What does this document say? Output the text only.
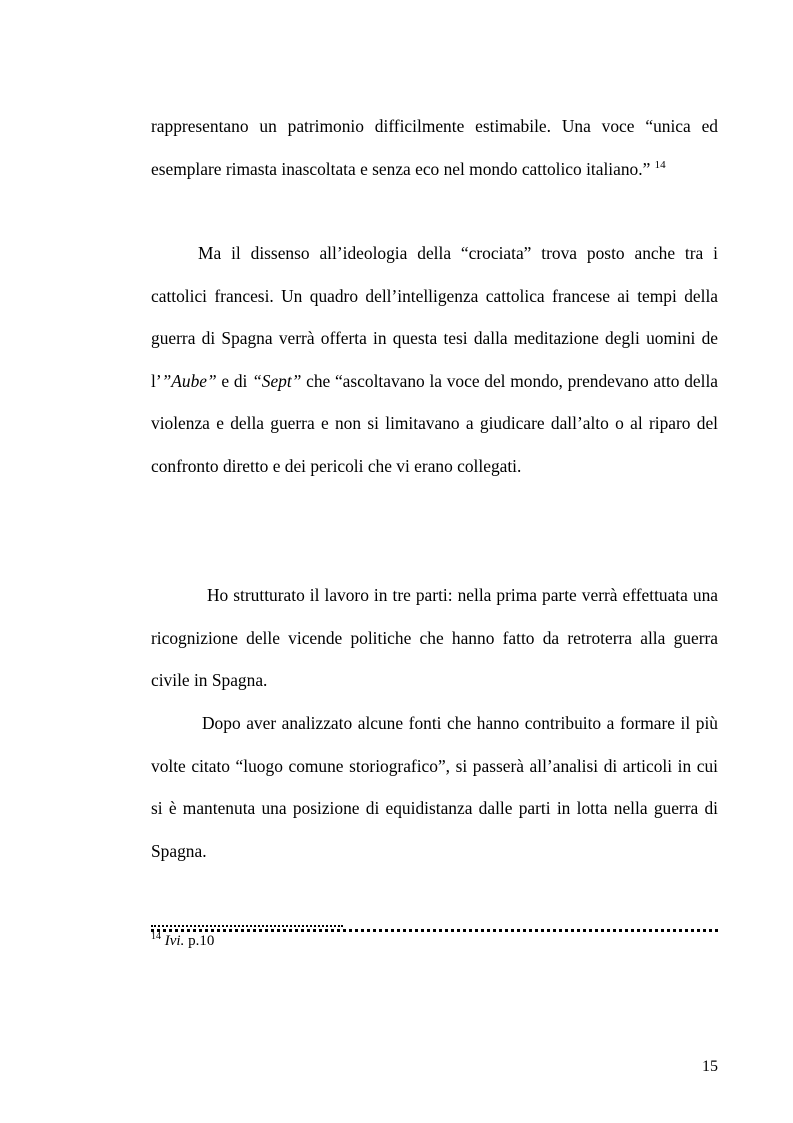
rappresentano un patrimonio difficilmente estimabile. Una voce “unica ed esemplare rimasta inascoltata e senza eco nel mondo cattolico italiano.” $^{14}$

Ma il dissenso all’ideologia della “crociata” trova posto anche tra i cattolici francesi. Un quadro dell’intelligenza cattolica francese ai tempi della guerra di Spagna verrà offerta in questa tesi dalla meditazione degli uomini de l’”Aube” e di “Sept” che “ascoltavano la voce del mondo, prendevano atto della violenza e della guerra e non si limitavano a giudicare dall’alto o al riparo del confronto diretto e dei pericoli che vi erano collegati.

Ho strutturato il lavoro in tre parti: nella prima parte verrà effettuata una ricognizione delle vicende politiche che hanno fatto da retroterra alla guerra civile in Spagna.

Dopo aver analizzato alcune fonti che hanno contribuito a formare il più volte citato “luogo comune storiografico”, si passerà all’analisi di articoli in cui si è mantenuta una posizione di equidistanza dalle parti in lotta nella guerra di Spagna.

$^{14}$ Ivi. p.10
15
